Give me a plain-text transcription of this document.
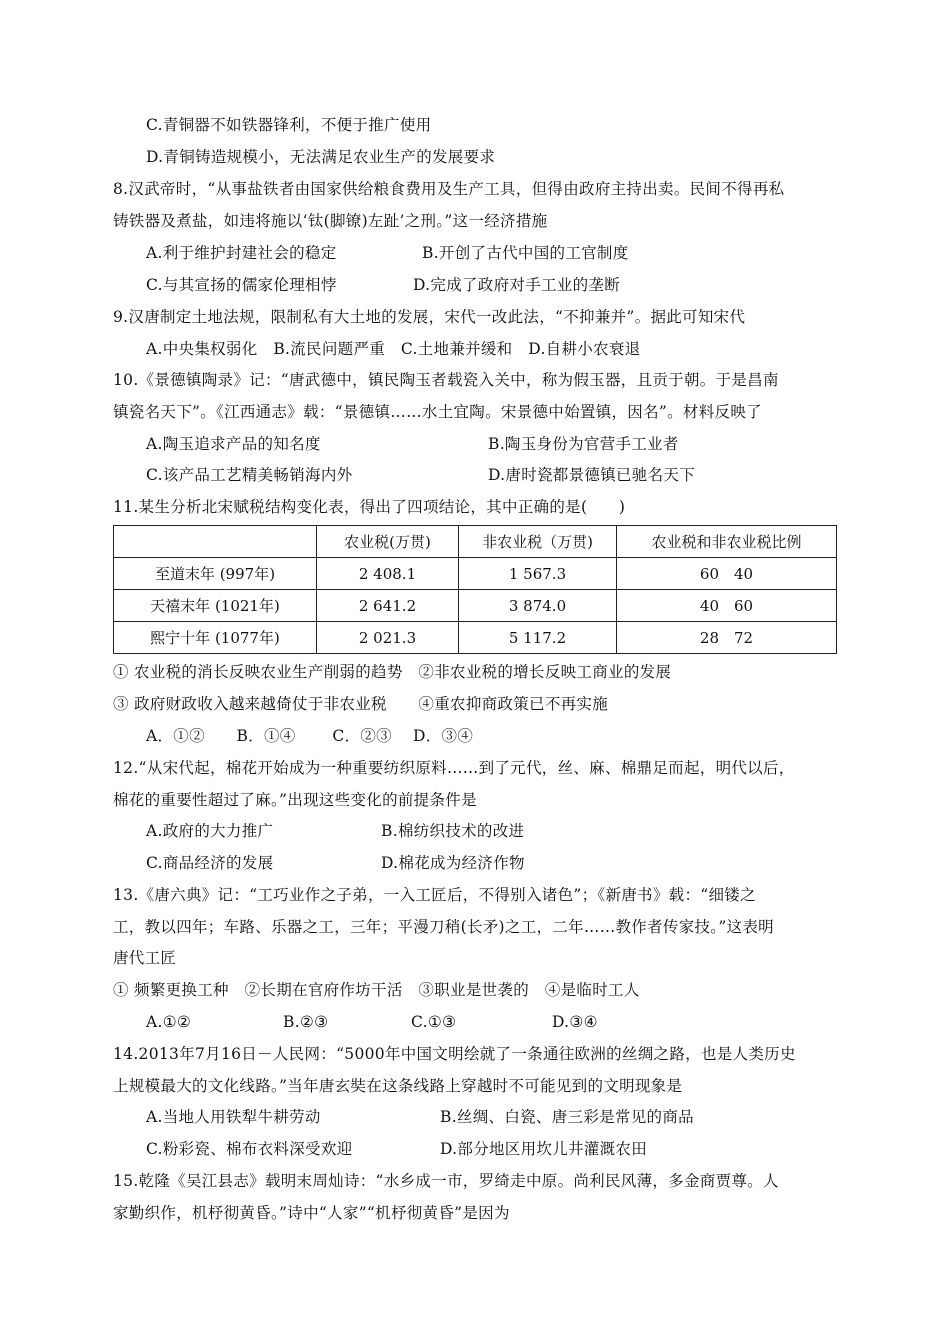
C.青铜器不如铁器锋利，不便于推广使用
D.青铜铸造规模小，无法满足农业生产的发展要求
8.汉武帝时，“从事盐铁者由国家供给粮食费用及生产工具，但得由政府主持出卖。民间不得再私
铸铁器及煮盐，如违将施以‘钛(脚镣)左趾’之刑。”这一经济措施
A.利于维护封建社会的稳定	B.开创了古代中国的工官制度
C.与其宣扬的儒家伦理相悖	D.完成了政府对手工业的垄断
9.汉唐制定土地法规，限制私有大土地的发展，宋代一改此法，“不抑兼并”。据此可知宋代
A.中央集权弱化　B.流民问题严重　C.土地兼并缓和　D.自耕小农衰退
10.《景德镇陶录》记：“唐武德中，镇民陶玉者载瓷入关中，称为假玉器，且贡于朝。于是昌南
镇瓷名天下”。《江西通志》载：“景德镇……水土宜陶。宋景德中始置镇，因名”。材料反映了
A.陶玉追求产品的知名度	B.陶玉身份为官营手工业者
C.该产品工艺精美畅销海内外	D.唐时瓷都景德镇已驰名天下
11.某生分析北宋赋税结构变化表，得出了四项结论，其中正确的是(　　)
	农业税(万贯)	非农业税（万贯)	农业税和非农业税比例
至道末年 (997年)	2 408.1	1 567.3	60　40
天禧末年 (1021年)	2 641.2	3 874.0	40　60
熙宁十年 (1077年)	2 021.3	5 117.2	28　72
① 农业税的消长反映农业生产削弱的趋势　②非农业税的增长反映工商业的发展
③ 政府财政收入越来越倚仗于非农业税　　④重农抑商政策已不再实施
A．①②　　B．①④　　 C．②③　 D．③④
12.“从宋代起，棉花开始成为一种重要纺织原料……到了元代，丝、麻、棉鼎足而起，明代以后，
棉花的重要性超过了麻。”出现这些变化的前提条件是
A.政府的大力推广	B.棉纺织技术的改进
C.商品经济的发展	D.棉花成为经济作物
13.《唐六典》记：“工巧业作之子弟，一入工匠后，不得别入诸色”；《新唐书》载：“细镂之
工，教以四年；车路、乐器之工，三年；平漫刀稍(长矛)之工，二年……教作者传家技。”这表明
唐代工匠
① 频繁更换工种　②长期在官府作坊干活　③职业是世袭的　④是临时工人
A.①②	B.②③	C.①③	D.③④
14.2013年7月16日－人民网：“5000年中国文明绘就了一条通往欧洲的丝绸之路，也是人类历史
上规模最大的文化线路。”当年唐玄奘在这条线路上穿越时不可能见到的文明现象是
A.当地人用铁犁牛耕劳动	B.丝绸、白瓷、唐三彩是常见的商品
C.粉彩瓷、棉布衣料深受欢迎	D.部分地区用坎儿井灌溉农田
15.乾隆《吴江县志》载明末周灿诗：“水乡成一市，罗绮走中原。尚利民风薄，多金商贾尊。人
家勤织作，机杼彻黄昏。”诗中“人家”“机杼彻黄昏”是因为
